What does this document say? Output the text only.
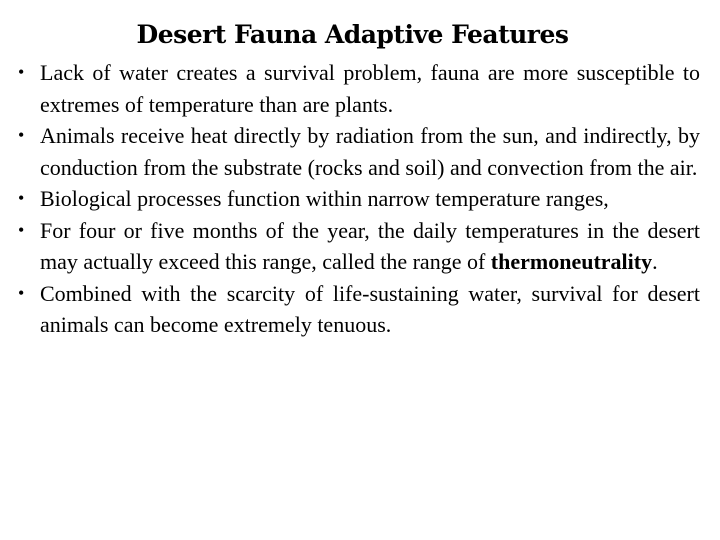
Desert Fauna Adaptive Features
• Lack of water creates a survival problem, fauna are more susceptible to extremes of temperature than are plants.
• Animals receive heat directly by radiation from the sun, and indirectly, by conduction from the substrate (rocks and soil) and convection from the air.
• Biological processes function within narrow temperature ranges,
• For four or five months of the year, the daily temperatures in the desert may actually exceed this range, called the range of thermoneutrality.
• Combined with the scarcity of life-sustaining water, survival for desert animals can become extremely tenuous.
